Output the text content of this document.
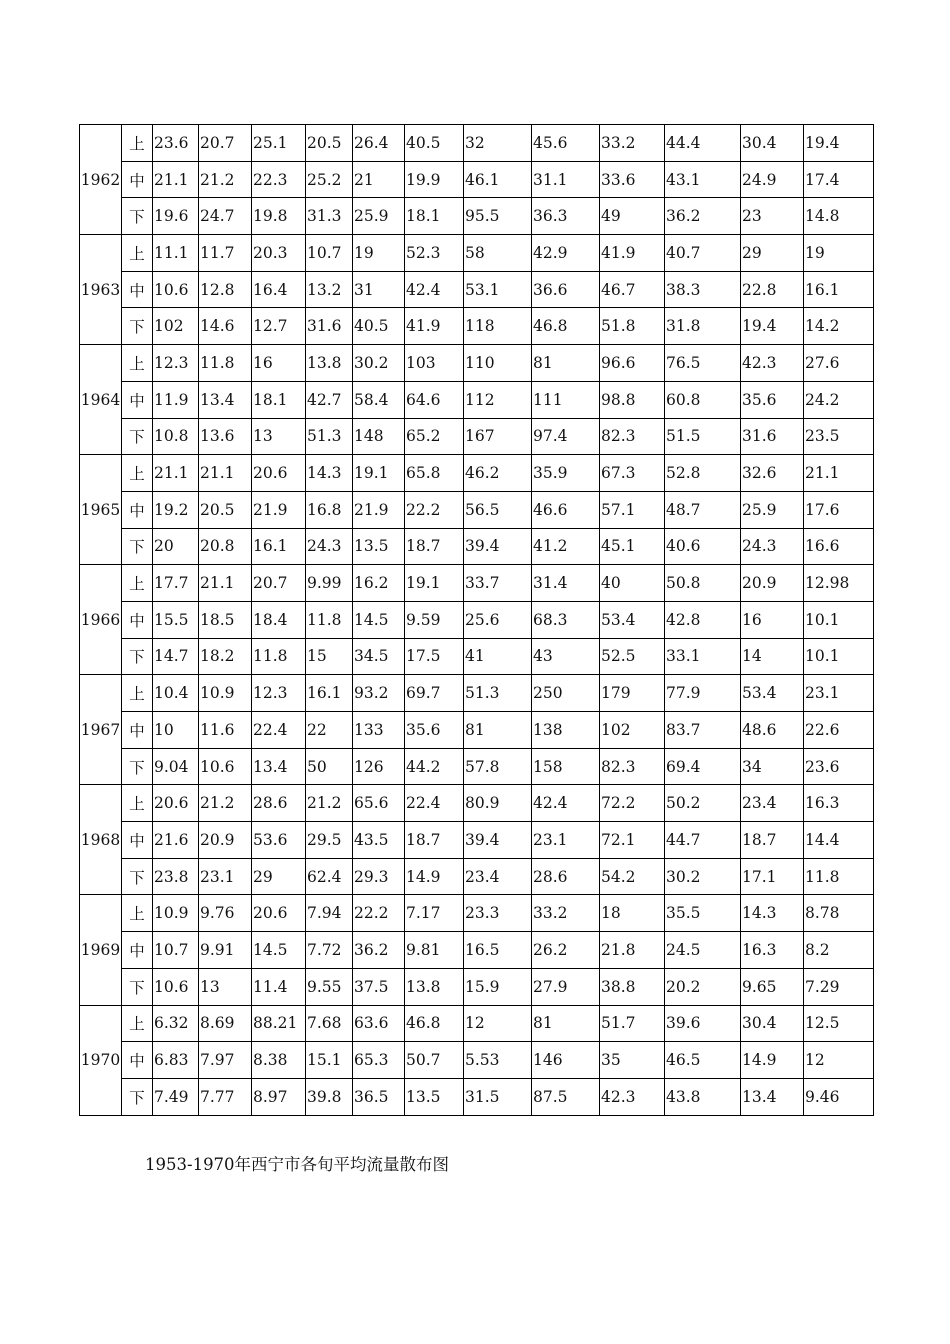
1962	上	23.6	20.7	25.1	20.5	26.4	40.5	32	45.6	33.2	44.4	30.4	19.4
	中	21.1	21.2	22.3	25.2	21	19.9	46.1	31.1	33.6	43.1	24.9	17.4
	下	19.6	24.7	19.8	31.3	25.9	18.1	95.5	36.3	49	36.2	23	14.8
1963	上	11.1	11.7	20.3	10.7	19	52.3	58	42.9	41.9	40.7	29	19
	中	10.6	12.8	16.4	13.2	31	42.4	53.1	36.6	46.7	38.3	22.8	16.1
	下	102	14.6	12.7	31.6	40.5	41.9	118	46.8	51.8	31.8	19.4	14.2
1964	上	12.3	11.8	16	13.8	30.2	103	110	81	96.6	76.5	42.3	27.6
	中	11.9	13.4	18.1	42.7	58.4	64.6	112	111	98.8	60.8	35.6	24.2
	下	10.8	13.6	13	51.3	148	65.2	167	97.4	82.3	51.5	31.6	23.5
1965	上	21.1	21.1	20.6	14.3	19.1	65.8	46.2	35.9	67.3	52.8	32.6	21.1
	中	19.2	20.5	21.9	16.8	21.9	22.2	56.5	46.6	57.1	48.7	25.9	17.6
	下	20	20.8	16.1	24.3	13.5	18.7	39.4	41.2	45.1	40.6	24.3	16.6
1966	上	17.7	21.1	20.7	9.99	16.2	19.1	33.7	31.4	40	50.8	20.9	12.98
	中	15.5	18.5	18.4	11.8	14.5	9.59	25.6	68.3	53.4	42.8	16	10.1
	下	14.7	18.2	11.8	15	34.5	17.5	41	43	52.5	33.1	14	10.1
1967	上	10.4	10.9	12.3	16.1	93.2	69.7	51.3	250	179	77.9	53.4	23.1
	中	10	11.6	22.4	22	133	35.6	81	138	102	83.7	48.6	22.6
	下	9.04	10.6	13.4	50	126	44.2	57.8	158	82.3	69.4	34	23.6
1968	上	20.6	21.2	28.6	21.2	65.6	22.4	80.9	42.4	72.2	50.2	23.4	16.3
	中	21.6	20.9	53.6	29.5	43.5	18.7	39.4	23.1	72.1	44.7	18.7	14.4
	下	23.8	23.1	29	62.4	29.3	14.9	23.4	28.6	54.2	30.2	17.1	11.8
1969	上	10.9	9.76	20.6	7.94	22.2	7.17	23.3	33.2	18	35.5	14.3	8.78
	中	10.7	9.91	14.5	7.72	36.2	9.81	16.5	26.2	21.8	24.5	16.3	8.2
	下	10.6	13	11.4	9.55	37.5	13.8	15.9	27.9	38.8	20.2	9.65	7.29
1970	上	6.32	8.69	88.21	7.68	63.6	46.8	12	81	51.7	39.6	30.4	12.5
	中	6.83	7.97	8.38	15.1	65.3	50.7	5.53	146	35	46.5	14.9	12
	下	7.49	7.77	8.97	39.8	36.5	13.5	31.5	87.5	42.3	43.8	13.4	9.46
1953-1970年西宁市各旬平均流量散布图
